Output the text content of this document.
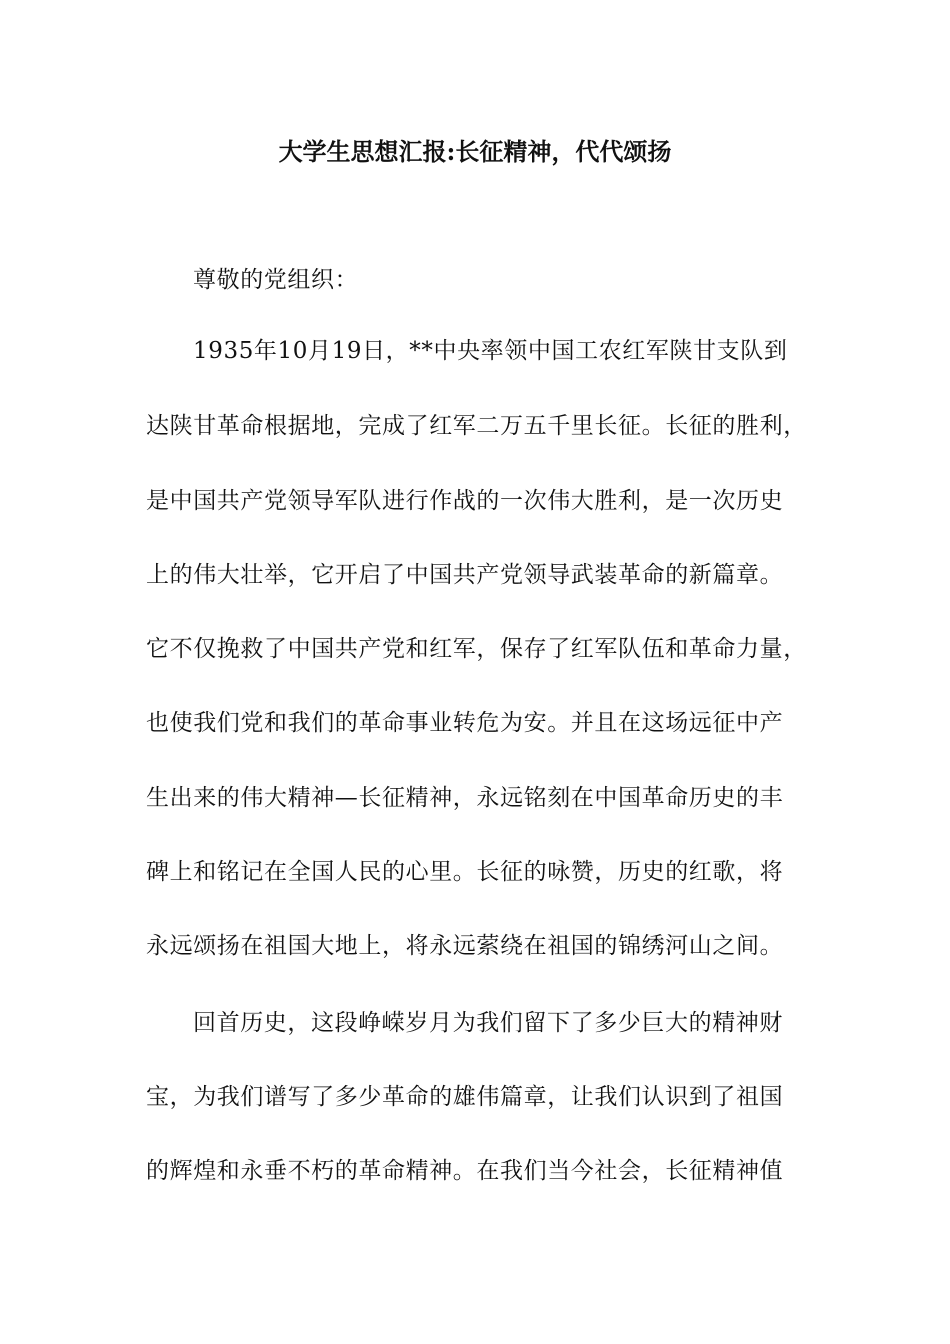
大学生思想汇报:长征精神，代代颂扬

尊敬的党组织：

1935年10月19日，**中央率领中国工农红军陕甘支队到

达陕甘革命根据地，完成了红军二万五千里长征。长征的胜利，

是中国共产党领导军队进行作战的一次伟大胜利，是一次历史

上的伟大壮举，它开启了中国共产党领导武装革命的新篇章。

它不仅挽救了中国共产党和红军，保存了红军队伍和革命力量，

也使我们党和我们的革命事业转危为安。并且在这场远征中产

生出来的伟大精神—长征精神，永远铭刻在中国革命历史的丰

碑上和铭记在全国人民的心里。长征的咏赞，历史的红歌，将

永远颂扬在祖国大地上，将永远萦绕在祖国的锦绣河山之间。

回首历史，这段峥嵘岁月为我们留下了多少巨大的精神财

宝，为我们谱写了多少革命的雄伟篇章，让我们认识到了祖国

的辉煌和永垂不朽的革命精神。在我们当今社会，长征精神值
